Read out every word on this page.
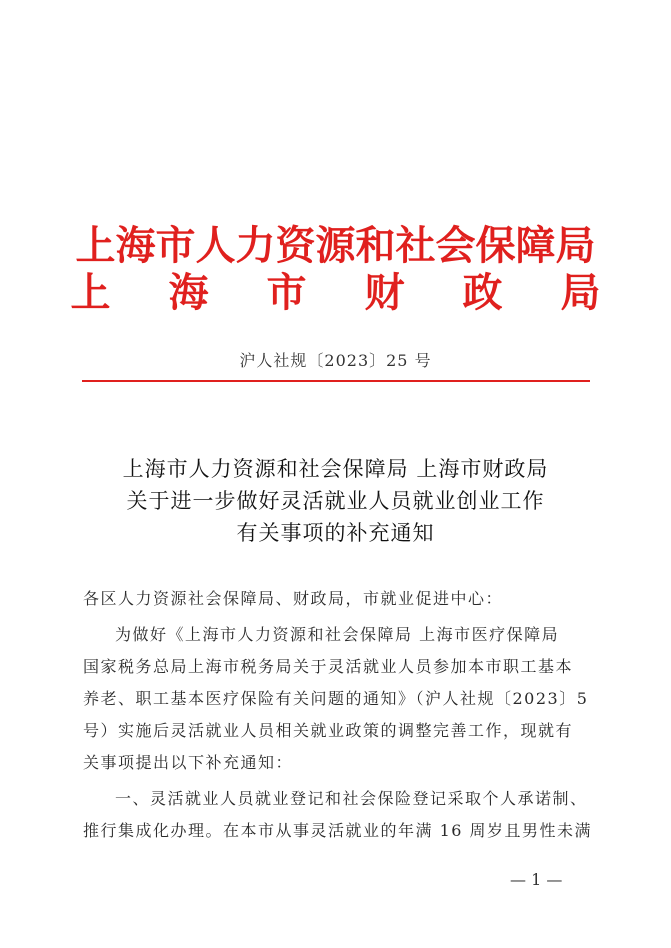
上海市人力资源和社会保障局
上海市财政局
沪人社规〔2023〕25 号
上海市人力资源和社会保障局 上海市财政局
关于进一步做好灵活就业人员就业创业工作
有关事项的补充通知
各区人力资源社会保障局、财政局，市就业促进中心：
为做好《上海市人力资源和社会保障局 上海市医疗保障局
国家税务总局上海市税务局关于灵活就业人员参加本市职工基本
养老、职工基本医疗保险有关问题的通知》（沪人社规〔2023〕5
号）实施后灵活就业人员相关就业政策的调整完善工作，现就有
关事项提出以下补充通知：
一、灵活就业人员就业登记和社会保险登记采取个人承诺制、
推行集成化办理。在本市从事灵活就业的年满 16 周岁且男性未满
— 1 —
